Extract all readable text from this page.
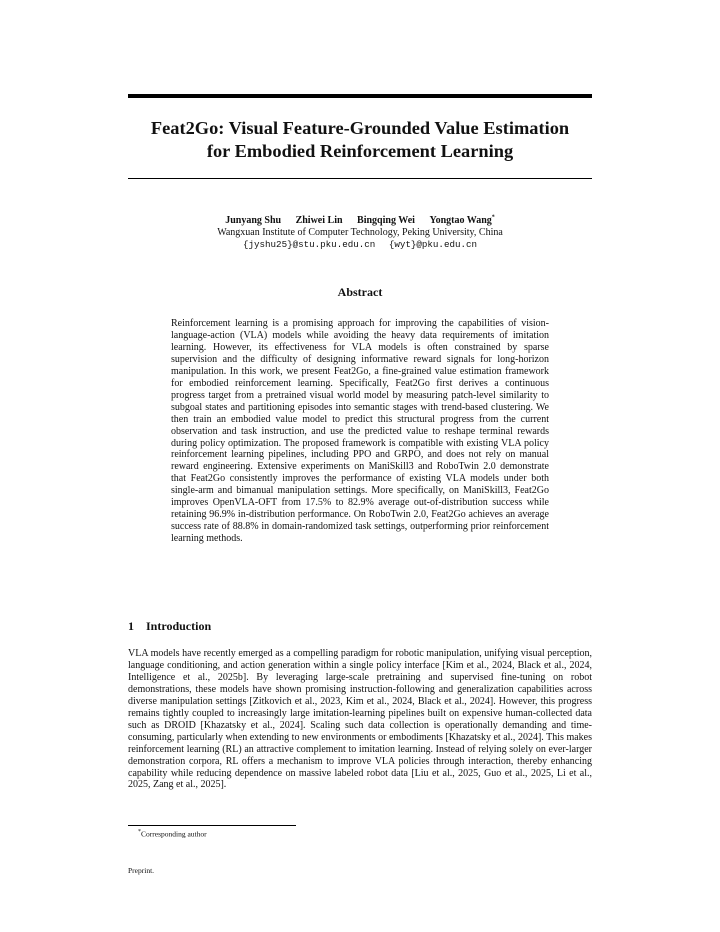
Feat2Go: Visual Feature-Grounded Value Estimation
for Embodied Reinforcement Learning
Junyang Shu Zhiwei Lin Bingqing Wei Yongtao Wang*
Wangxuan Institute of Computer Technology, Peking University, China
{jyshu25}@stu.pku.edu.cn {wyt}@pku.edu.cn
Abstract
Reinforcement learning is a promising approach for improving the capabilities of vision-language-action (VLA) models while avoiding the heavy data requirements of imitation learning. However, its effectiveness for VLA models is often constrained by sparse supervision and the difficulty of designing informative reward signals for long-horizon manipulation. In this work, we present Feat2Go, a fine-grained value estimation framework for embodied reinforcement learning. Specifically, Feat2Go first derives a continuous progress target from a pretrained visual world model by measuring patch-level similarity to subgoal states and partitioning episodes into semantic stages with trend-based clustering. We then train an embodied value model to predict this structural progress from the current observation and task instruction, and use the predicted value to reshape terminal rewards during policy optimization. The proposed framework is compatible with existing VLA policy reinforcement learning pipelines, including PPO and GRPO, and does not rely on manual reward engineering. Extensive experiments on ManiSkill3 and RoboTwin 2.0 demonstrate that Feat2Go consistently improves the performance of existing VLA models under both single-arm and bimanual manipulation settings. More specifically, on ManiSkill3, Feat2Go improves OpenVLA-OFT from 17.5% to 82.9% average out-of-distribution success while retaining 96.9% in-distribution performance. On RoboTwin 2.0, Feat2Go achieves an average success rate of 88.8% in domain-randomized task settings, outperforming prior reinforcement learning methods.
1 Introduction
VLA models have recently emerged as a compelling paradigm for robotic manipulation, unifying visual perception, language conditioning, and action generation within a single policy interface [Kim et al., 2024, Black et al., 2024, Intelligence et al., 2025b]. By leveraging large-scale pretraining and supervised fine-tuning on robot demonstrations, these models have shown promising instruction-following and generalization capabilities across diverse manipulation settings [Zitkovich et al., 2023, Kim et al., 2024, Black et al., 2024]. However, this progress remains tightly coupled to increasingly large imitation-learning pipelines built on expensive human-collected data such as DROID [Khazatsky et al., 2024]. Scaling such data collection is operationally demanding and time-consuming, particularly when extending to new environments or embodiments [Khazatsky et al., 2024]. This makes reinforcement learning (RL) an attractive complement to imitation learning. Instead of relying solely on ever-larger demonstration corpora, RL offers a mechanism to improve VLA policies through interaction, thereby enhancing capability while reducing dependence on massive labeled robot data [Liu et al., 2025, Guo et al., 2025, Li et al., 2025, Zang et al., 2025].
*Corresponding author
Preprint.
